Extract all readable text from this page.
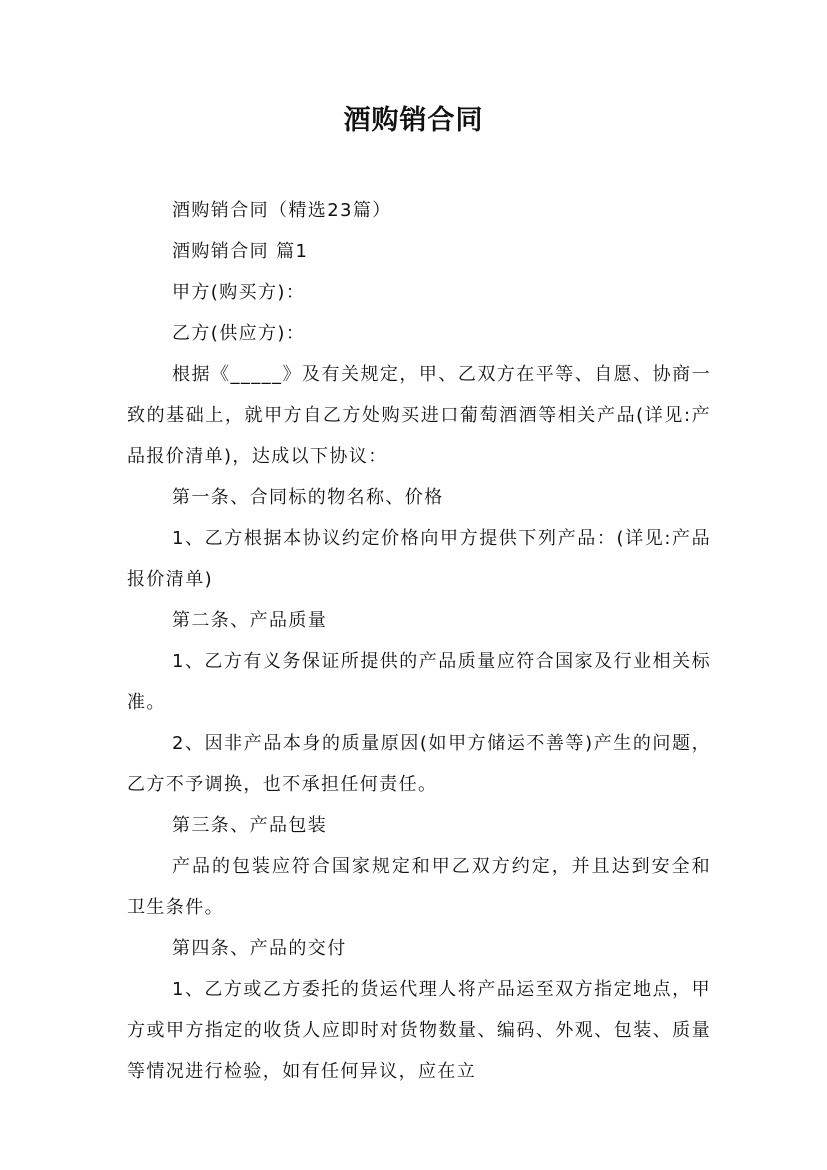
酒购销合同

酒购销合同（精选23篇）

酒购销合同 篇1

甲方(购买方)：

乙方(供应方)：

根据《_____》及有关规定，甲、乙双方在平等、自愿、协商一致的基础上，就甲方自乙方处购买进口葡萄酒酒等相关产品(详见:产品报价清单)，达成以下协议：

第一条、合同标的物名称、价格

1、乙方根据本协议约定价格向甲方提供下列产品：(详见:产品报价清单)

第二条、产品质量

1、乙方有义务保证所提供的产品质量应符合国家及行业相关标准。

2、因非产品本身的质量原因(如甲方储运不善等)产生的问题，乙方不予调换，也不承担任何责任。

第三条、产品包装

产品的包装应符合国家规定和甲乙双方约定，并且达到安全和卫生条件。

第四条、产品的交付

1、乙方或乙方委托的货运代理人将产品运至双方指定地点，甲方或甲方指定的收货人应即时对货物数量、编码、外观、包装、质量等情况进行检验，如有任何异议，应在立
